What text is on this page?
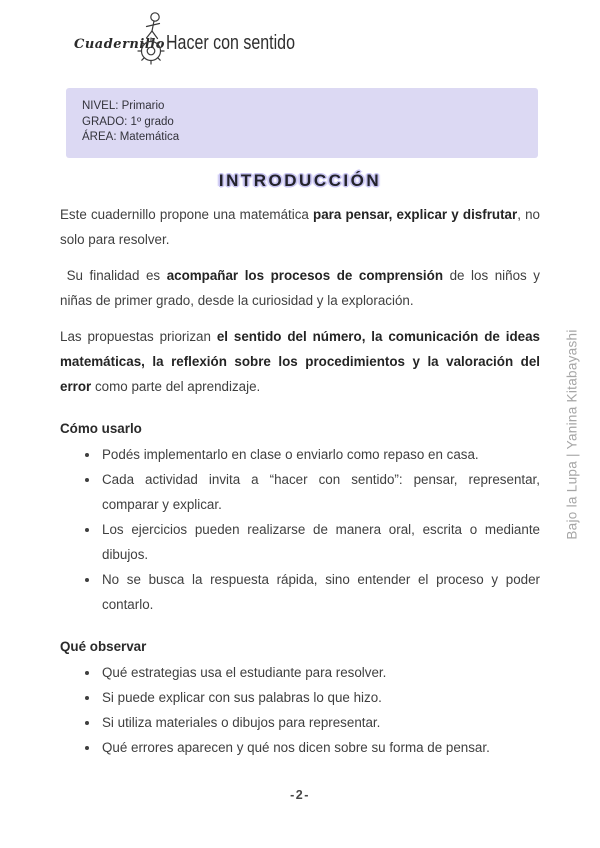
Cuadernillo Hacer con sentido
NIVEL: Primario
GRADO: 1º grado
ÁREA: Matemática
INTRODUCCIÓN

Este cuadernillo propone una matemática para pensar, explicar y disfrutar, no solo para resolver.

Su finalidad es acompañar los procesos de comprensión de los niños y niñas de primer grado, desde la curiosidad y la exploración.

Las propuestas priorizan el sentido del número, la comunicación de ideas matemáticas, la reflexión sobre los procedimientos y la valoración del error como parte del aprendizaje.

Cómo usarlo
• Podés implementarlo en clase o enviarlo como repaso en casa.
• Cada actividad invita a “hacer con sentido”: pensar, representar, comparar y explicar.
• Los ejercicios pueden realizarse de manera oral, escrita o mediante dibujos.
• No se busca la respuesta rápida, sino entender el proceso y poder contarlo.
Qué observar
• Qué estrategias usa el estudiante para resolver.
• Si puede explicar con sus palabras lo que hizo.
• Si utiliza materiales o dibujos para representar.
• Qué errores aparecen y qué nos dicen sobre su forma de pensar.
Bajo la Lupa | Yanina Kitabayashi
-2-
